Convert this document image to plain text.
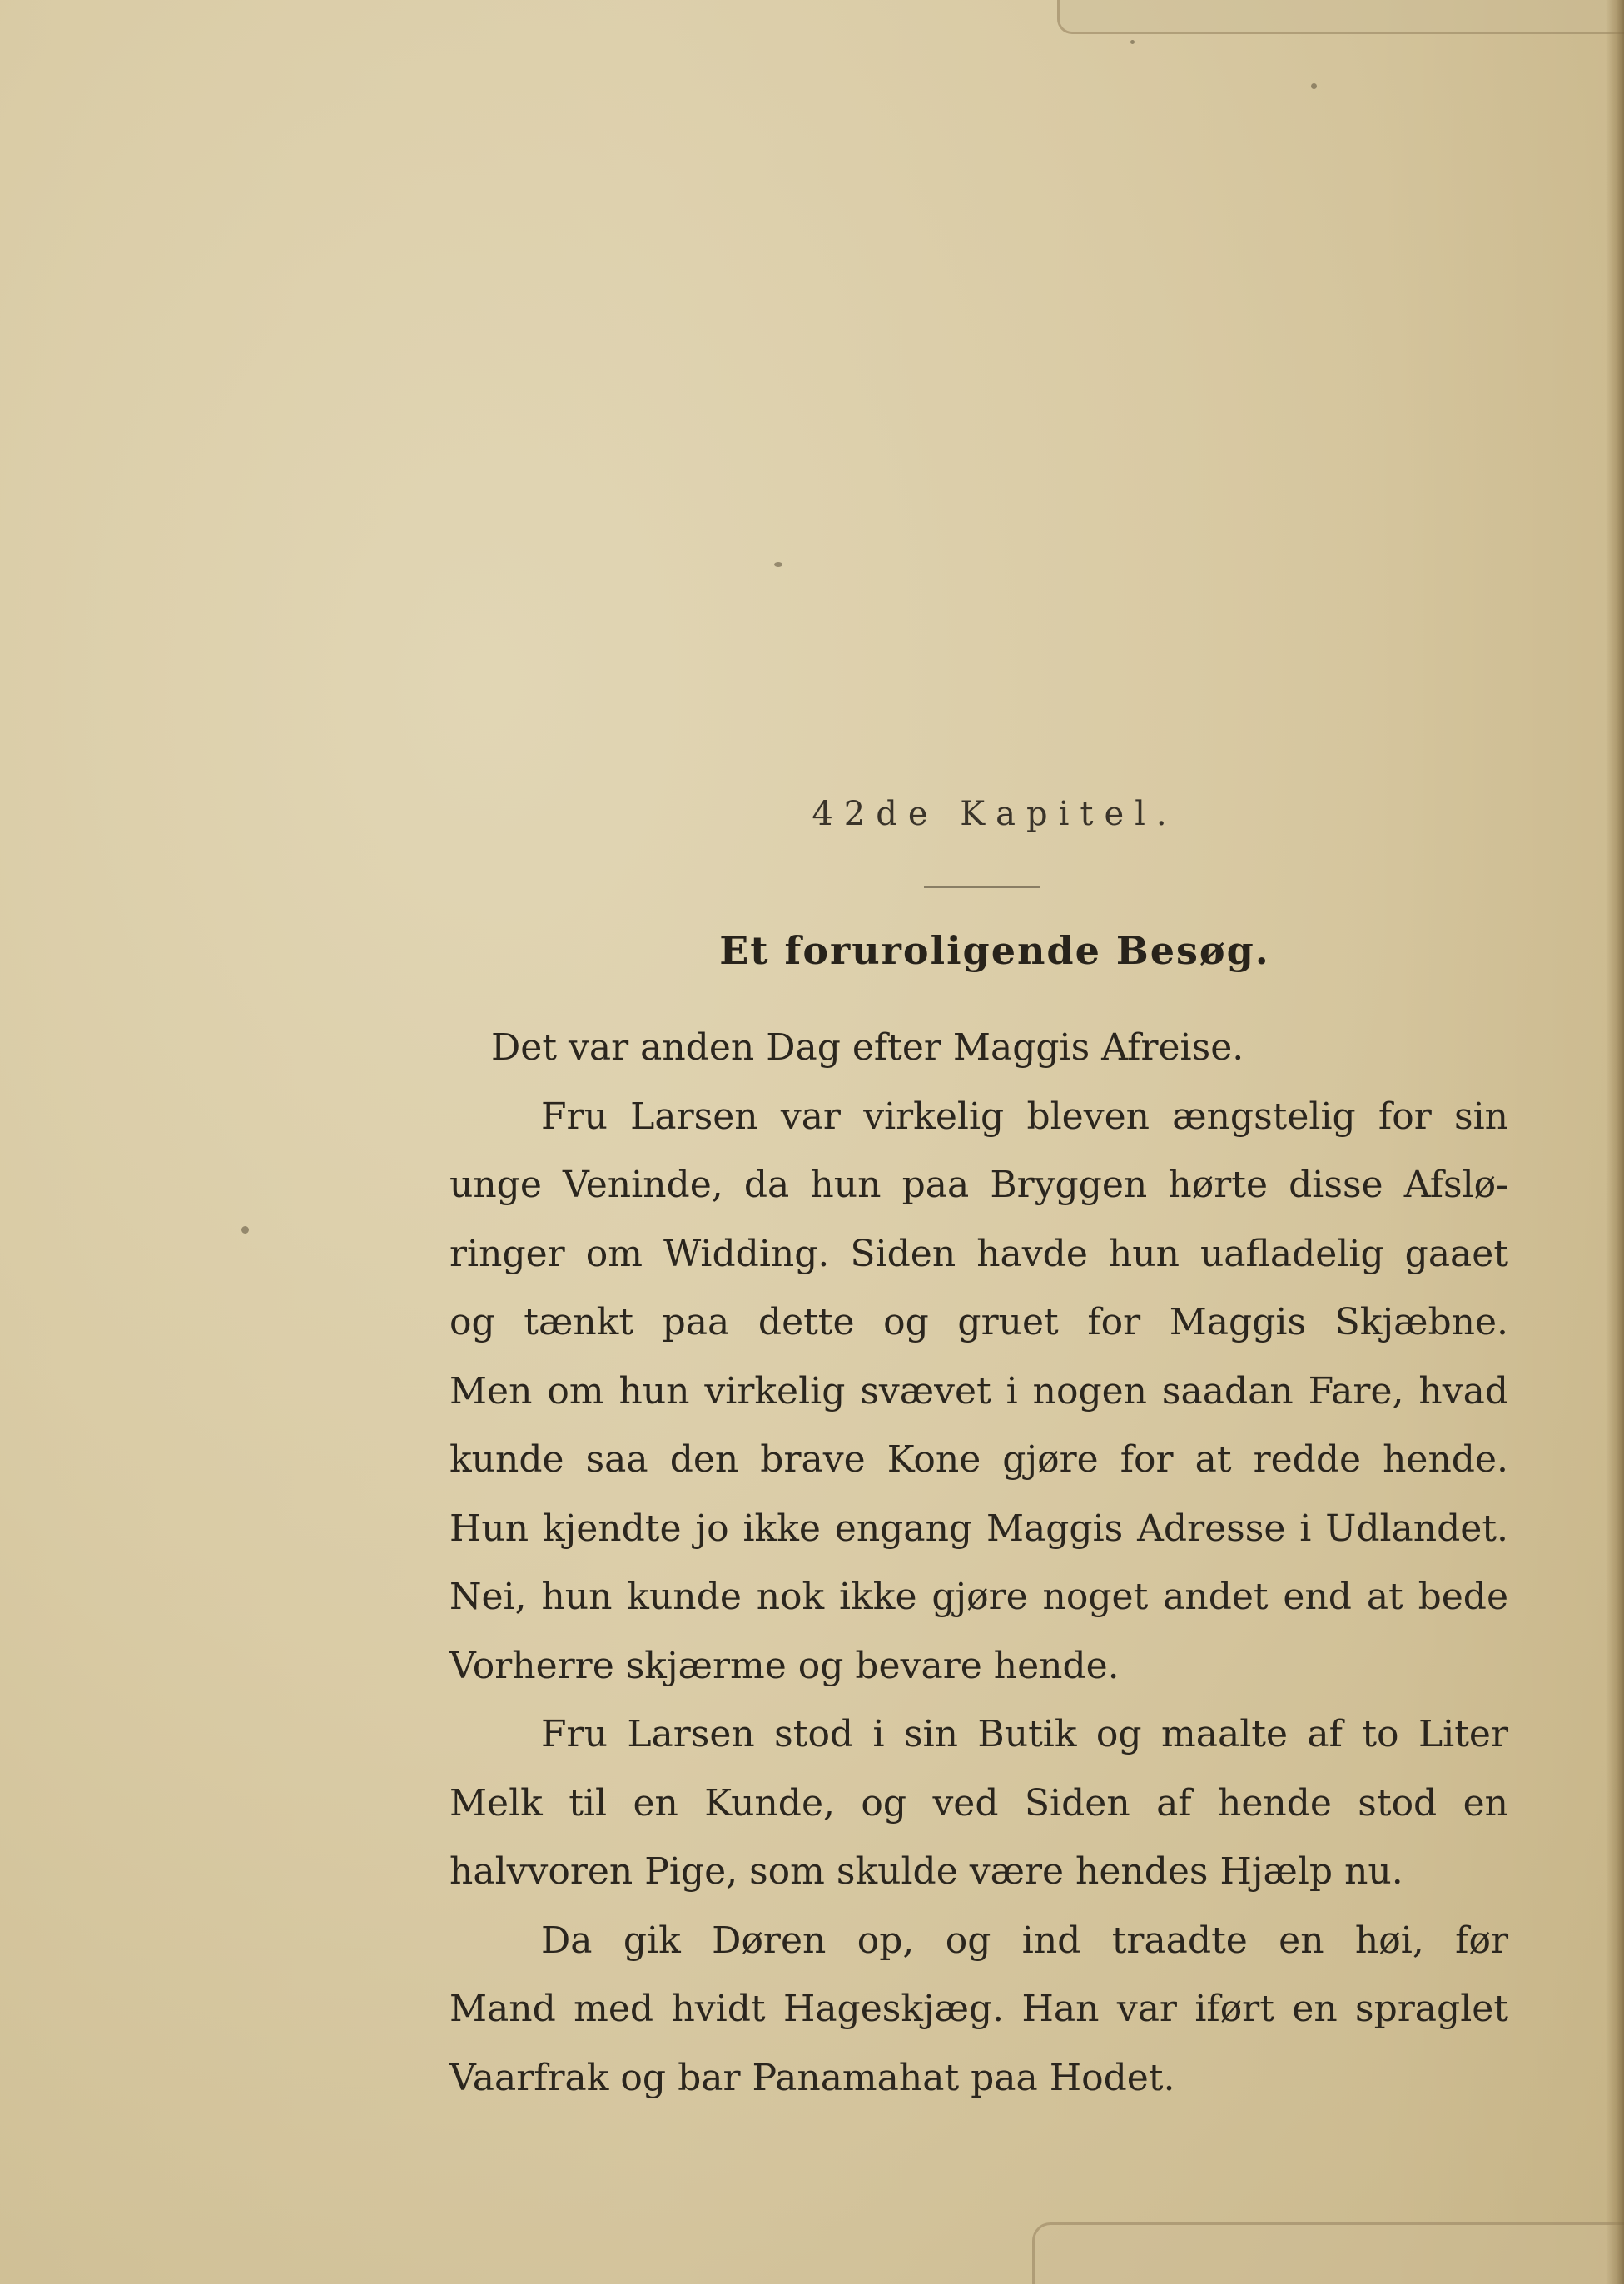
42de Kapitel.
Et foruroligende Besøg.
Det var anden Dag efter Maggis Afreise.
Fru Larsen var virkelig bleven ængstelig for sin
unge Veninde, da hun paa Bryggen hørte disse Afslø-
ringer om Widding. Siden havde hun uafladelig gaaet
og tænkt paa dette og gruet for Maggis Skjæbne.
Men om hun virkelig svævet i nogen saadan Fare, hvad
kunde saa den brave Kone gjøre for at redde hende.
Hun kjendte jo ikke engang Maggis Adresse i Udlandet.
Nei, hun kunde nok ikke gjøre noget andet end at bede
Vorherre skjærme og bevare hende.
Fru Larsen stod i sin Butik og maalte af to Liter
Melk til en Kunde, og ved Siden af hende stod en
halvvoren Pige, som skulde være hendes Hjælp nu.
Da gik Døren op, og ind traadte en høi, før
Mand med hvidt Hageskjæg. Han var iført en spraglet
Vaarfrak og bar Panamahat paa Hodet.
